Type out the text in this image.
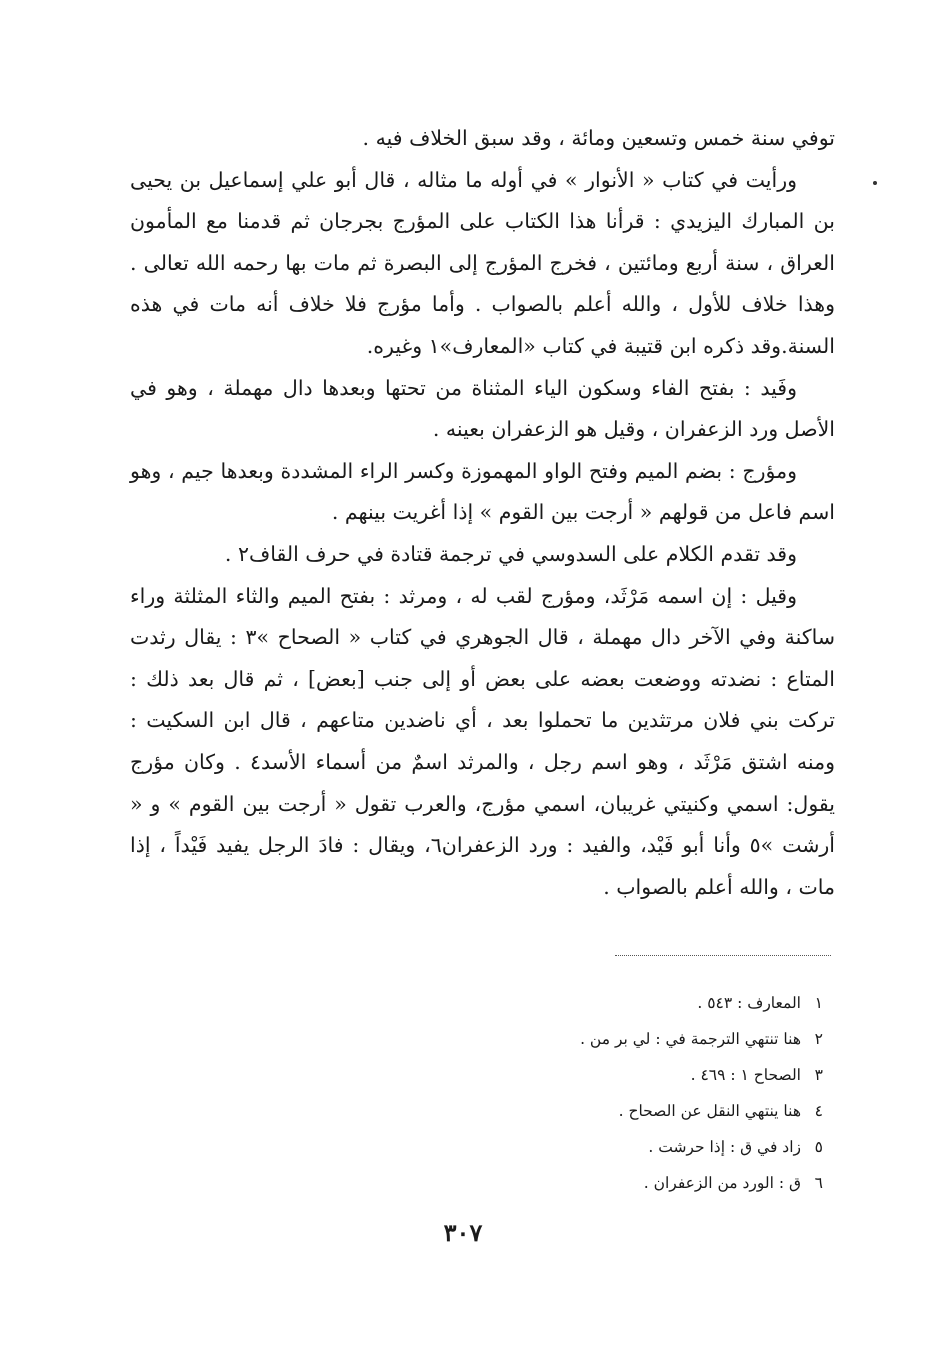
توفي سنة خمس وتسعين ومائة ، وقد سبق الخلاف فيه .

ورأيت في كتاب « الأنوار » في أوله ما مثاله ، قال أبو علي إسماعيل بن يحيى بن المبارك اليزيدي : قرأنا هذا الكتاب على المؤرج بجرجان ثم قدمنا مع المأمون العراق ، سنة أربع ومائتين ، فخرج المؤرج إلى البصرة ثم مات بها رحمه الله تعالى . وهذا خلاف للأول ، والله أعلم بالصواب . وأما مؤرج فلا خلاف أنه مات في هذه السنة.وقد ذكره ابن قتيبة في كتاب «المعارف»١ وغيره.

وفَيد : بفتح الفاء وسكون الياء المثناة من تحتها وبعدها دال مهملة ، وهو في الأصل ورد الزعفران ، وقيل هو الزعفران بعينه .

ومؤرج : بضم الميم وفتح الواو المهموزة وكسر الراء المشددة وبعدها جيم ، وهو اسم فاعل من قولهم « أرجت بين القوم » إذا أغريت بينهم .

وقد تقدم الكلام على السدوسي في ترجمة قتادة في حرف القاف٢ .

وقيل : إن اسمه مَرْثَد، ومؤرج لقب له ، ومرثد : بفتح الميم والثاء المثلثة وراء ساكنة وفي الآخر دال مهملة ، قال الجوهري في كتاب « الصحاح »٣ : يقال رثدت المتاع : نضدته ووضعت بعضه على بعض أو إلى جنب [بعض] ، ثم قال بعد ذلك : تركت بني فلان مرتثدين ما تحملوا بعد ، أي ناضدين متاعهم ، قال ابن السكيت : ومنه اشتق مَرْثَد ، وهو اسم رجل ، والمرثد اسمٌ من أسماء الأسد٤ . وكان مؤرج يقول: اسمي وكنيتي غريبان، اسمي مؤرج، والعرب تقول « أرجت بين القوم » و « أرشت »٥ وأنا أبو فَيْد، والفيد : ورد الزعفران٦، ويقال : فادَ الرجل يفيد فَيْداً ، إذا مات ، والله أعلم بالصواب .

١المعارف : ٥٤٣ .
٢هنا تنتهي الترجمة في : لي بر من .
٣الصحاح ١ : ٤٦٩ .
٤هنا ينتهي النقل عن الصحاح .
٥زاد في ق : إذا حرشت .
٦ق : الورد من الزعفران .
٣٠٧
